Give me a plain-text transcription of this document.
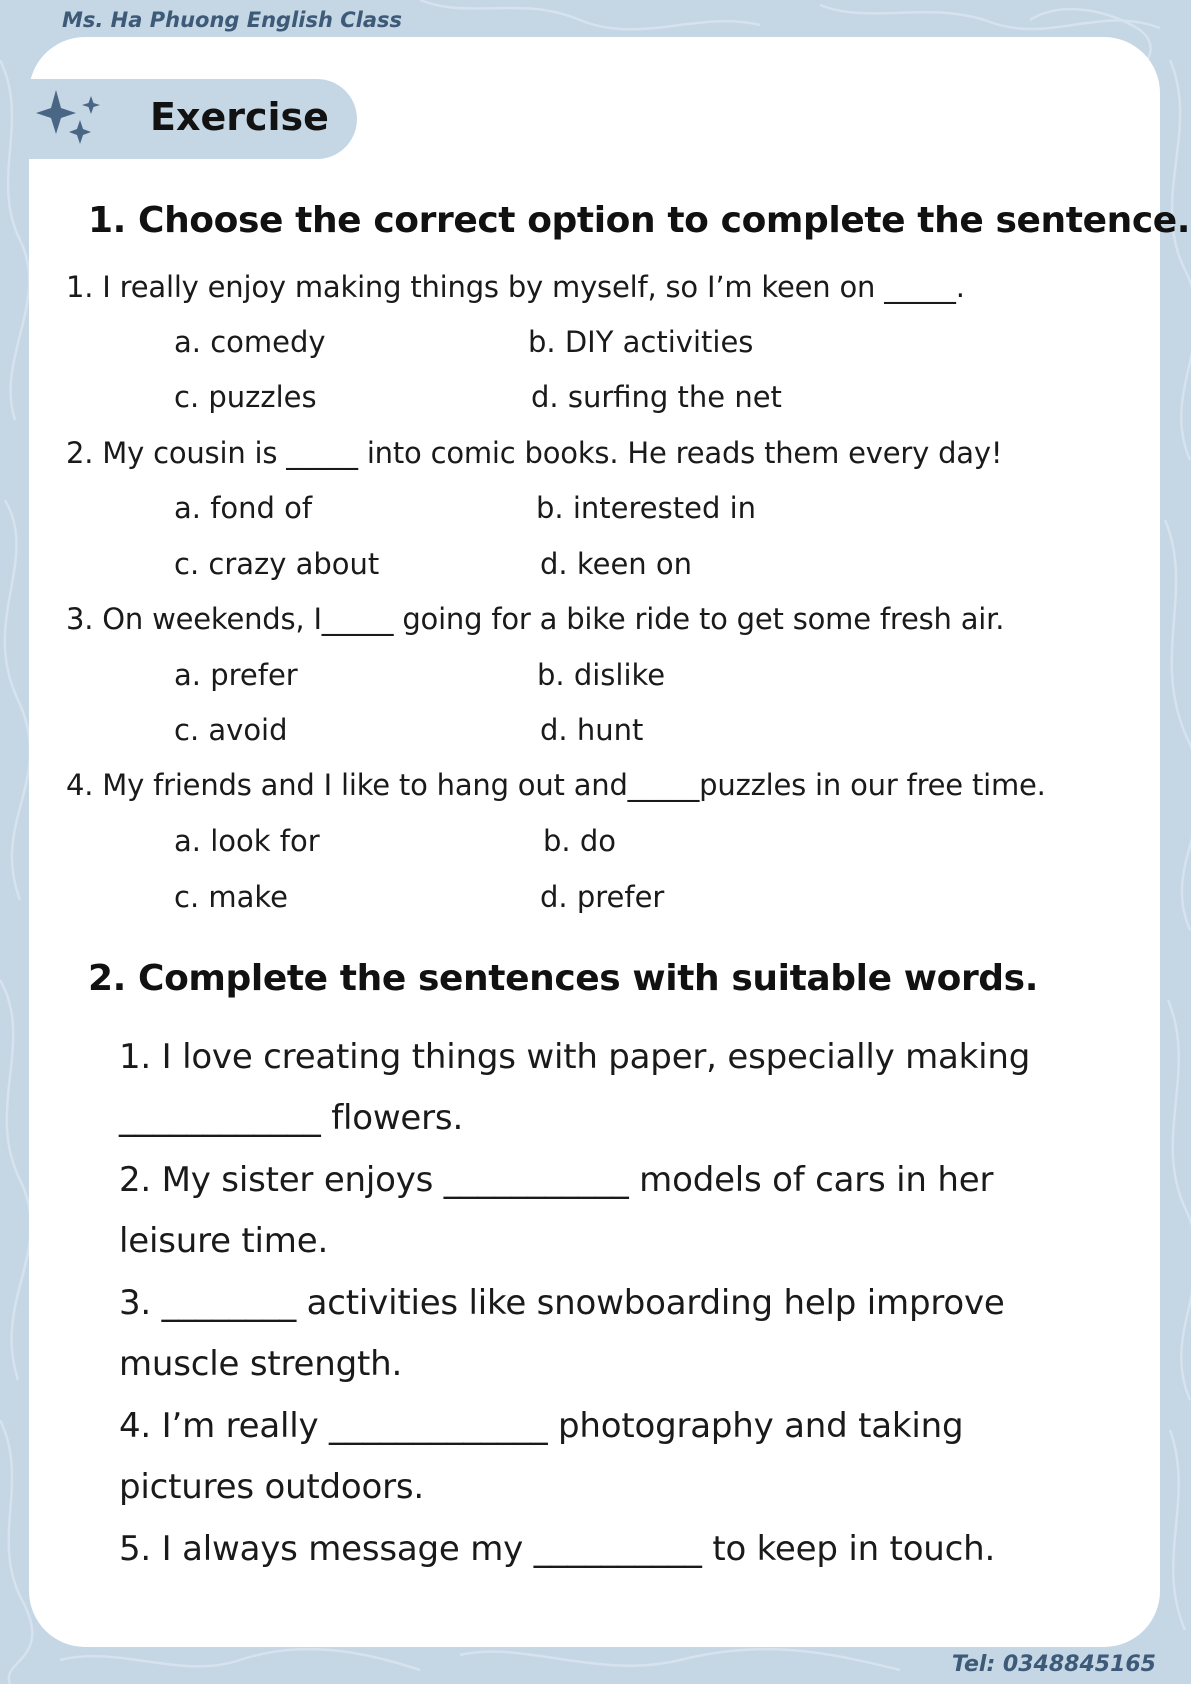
Ms. Ha Phuong English Class
Exercise
1. Choose the correct option to complete the sentence.
1. I really enjoy making things by myself, so I’m keen on _____.
a. comedy	b. DIY activities
c. puzzles	d. surfing the net
2. My cousin is _____ into comic books. He reads them every day!
a. fond of	b. interested in
c. crazy about	d. keen on
3. On weekends, I_____ going for a bike ride to get some fresh air.
a. prefer	b. dislike
c. avoid	d. hunt
4. My friends and I like to hang out and_____puzzles in our free time.
a. look for	b. do
c. make	d. prefer
2. Complete the sentences with suitable words.
1. I love creating things with paper, especially making
____________ flowers.
2. My sister enjoys ___________ models of cars in her
leisure time.
3. ________ activities like snowboarding help improve
muscle strength.
4. I’m really _____________ photography and taking
pictures outdoors.
5. I always message my __________ to keep in touch.
Tel: 0348845165
